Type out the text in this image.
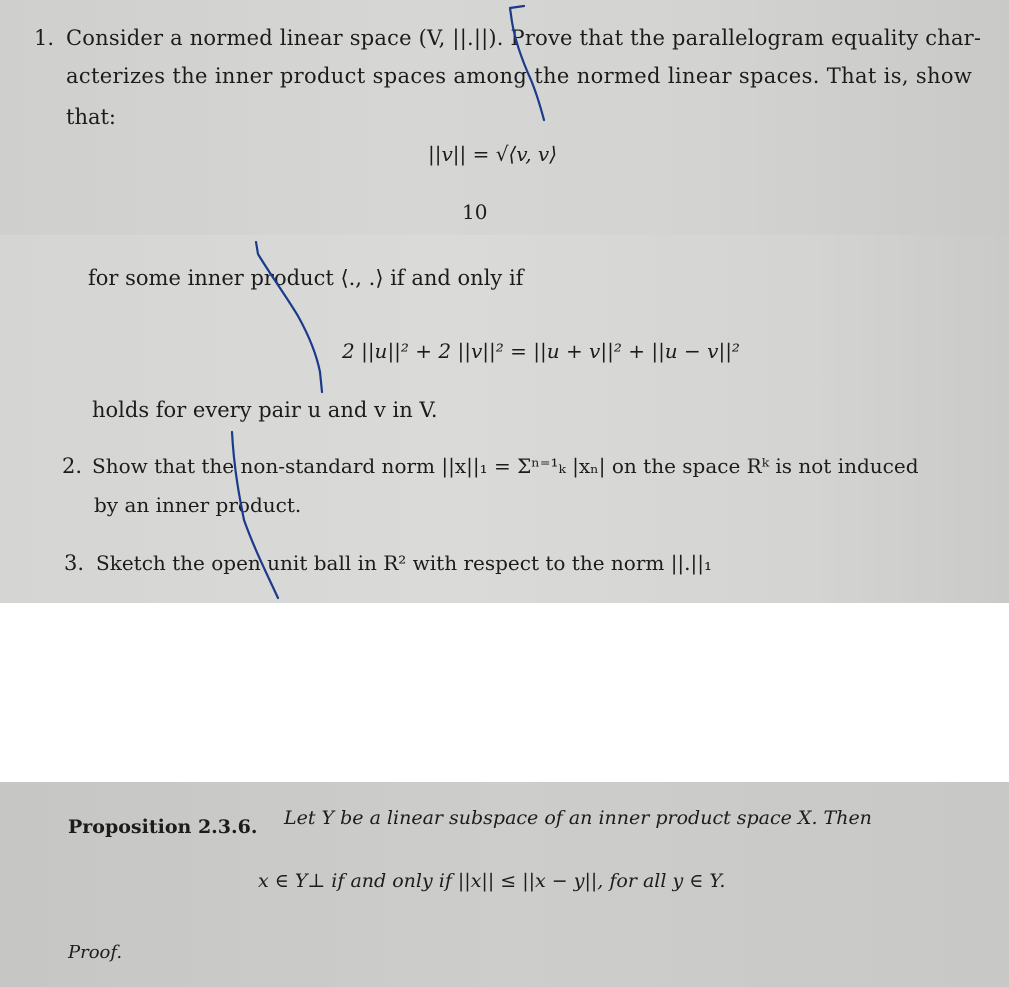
1. Consider a normed linear space (V, ||.||). Prove that the parallelogram equality char-
acterizes the inner product spaces among the normed linear spaces. That is, show
that:
||v|| = √⟨v, v⟩
10
for some inner product ⟨., .⟩ if and only if
2 ||u||² + 2 ||v||² = ||u + v||² + ||u − v||²
holds for every pair u and v in V.
2. Show that the non-standard norm ||x||₁ = Σⁿ⁼¹ₖ |xₙ| on the space Rᵏ is not induced
by an inner product.
3. Sketch the open unit ball in R² with respect to the norm ||.||₁
Proposition 2.3.6. Let Y be a linear subspace of an inner product space X. Then
x ∈ Y⊥ if and only if ||x|| ≤ ||x − y||, for all y ∈ Y.
Proof.
